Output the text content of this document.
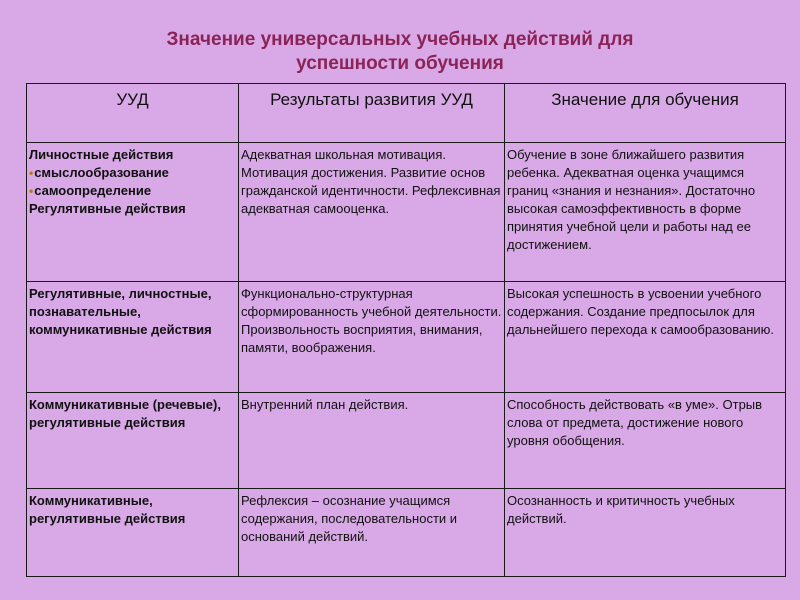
Значение универсальных учебных действий для
успешности обучения
УУД	Результаты развития УУД	Значение для обучения

Личностные действия
•смыслообразование
•самоопределение
Регулятивные действия	Адекватная школьная мотивация. Мотивация достижения. Развитие основ гражданской идентичности. Рефлексивная адекватная самооценка.	Обучение в зоне ближайшего развития ребенка. Адекватная оценка учащимся границ «знания и незнания». Достаточно высокая самоэффективность в форме принятия учебной цели и работы над ее достижением.
Регулятивные, личностные, познавательные, коммуникативные действия	Функционально-структурная сформированность учебной деятельности. Произвольность восприятия, внимания, памяти, воображения.	Высокая успешность в усвоении учебного содержания. Создание предпосылок для дальнейшего перехода к самообразованию.
Коммуникативные (речевые), регулятивные действия	Внутренний план действия.	Способность действовать «в уме». Отрыв слова от предмета, достижение нового уровня обобщения.
Коммуникативные, регулятивные действия	Рефлексия – осознание учащимся содержания, последовательности и оснований действий.	Осознанность и критичность учебных действий.
